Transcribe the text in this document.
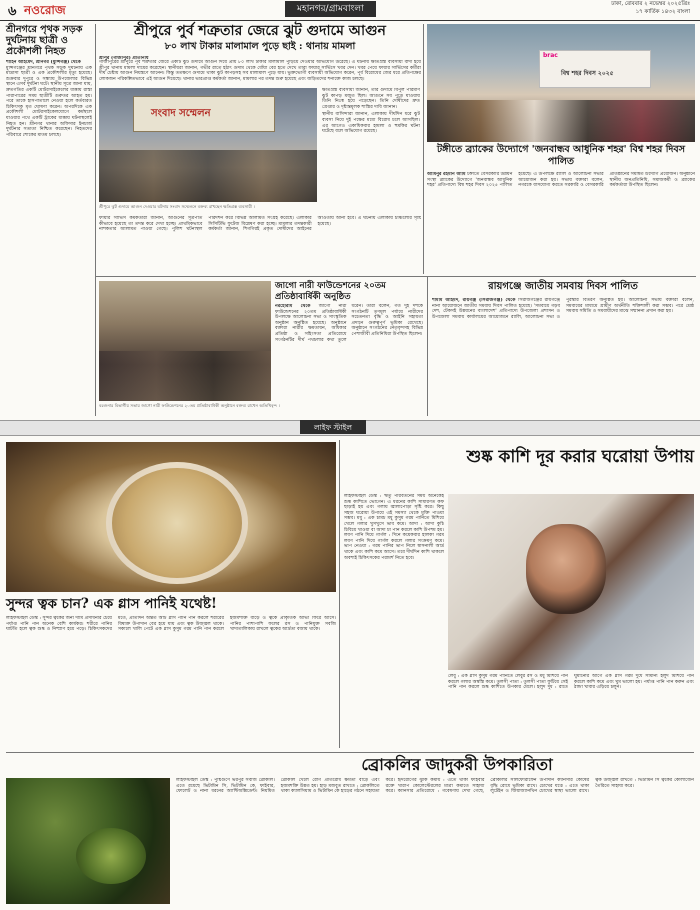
৬ নওরোজ	মহানগর/গ্রামবাংলা	ঢাকা, রোববার ২ নভেম্বর ২০২৫খ্রিঃ
১৭ কার্তিক ১৪৩২ বাংলা
শ্রীনগরে পৃথক সড়ক দুর্ঘটনায় ছাত্রী ও প্রকৌশলী নিহত
শাহিন আহমেদ, শ্রীনগর (মুন্সিগঞ্জ) থেকে
মুন্সিগঞ্জের শ্রীনগরে পৃথক সড়ক দুর্ঘটনায় এক মাদ্রাসা ছাত্রী ও এক প্রকৌশলীর মৃত্যু হয়েছে। শুক্রবার দুপুরে ও সন্ধ্যায় উপজেলার বিভিন্ন স্থানে এসব দুর্ঘটনা ঘটে। স্থানীয় সূত্রে জানা যায়, দ্রুতগতির একটি মোটরসাইকেলের ধাক্কায় রাস্তা পারাপারের সময় ছাত্রীটি গুরুতর আহত হয়। পরে তাকে হাসপাতালে নেওয়া হলে কর্তব্যরত চিকিৎসক মৃত ঘোষণা করেন। অপরদিকে এক প্রকৌশলী মোটরসাইকেলযোগে কর্মস্থলে যাওয়ার পথে একটি ট্রাকের ধাক্কায় ঘটনাস্থলেই নিহত হন। শ্রীনগর থানার অফিসার ইনচার্জ দুর্ঘটনার সত্যতা নিশ্চিত করেছেন। নিহতদের পরিবারে শোকের মাতম চলছে।
শ্রীপুরে পুর্ব শত্রুতার জেরে ঝুট গুদামে আগুন
৮০ লাখ টাকার মালামাল পুড়ে ছাই : থানায় মামলা
শ্রীপুর (গাজীপুর) প্রতিনিধি
গাজীপুরের শ্রীপুরে পূর্ব শত্রুতার জেরে একটি ঝুট গুদামে আগুন দিয়ে প্রায় ৮০ লাখ টাকার মালামাল পুড়িয়ে দেওয়ার অভিযোগ উঠেছে। এ ঘটনায় ক্ষতিগ্রস্ত ব্যবসায়ী বাদী হয়ে শ্রীপুর থানায় মামলা দায়ের করেছেন। স্থানীয়রা জানান, গভীর রাতে হঠাৎ গুদাম থেকে ধোঁয়া বের হতে দেখে তারা ফায়ার সার্ভিসে খবর দেন। খবর পেয়ে ফায়ার সার্ভিসের কর্মীরা দীর্ঘ চেষ্টায় আগুন নিয়ন্ত্রণে আনেন। কিন্তু ততক্ষণে গুদামে থাকা ঝুট কাপড়সহ সব মালামাল পুড়ে যায়। ভুক্তভোগী ব্যবসায়ী অভিযোগ করেন, পূর্ব বিরোধের জের ধরে প্রতিপক্ষের লোকজন পরিকল্পিতভাবে এই আগুন দিয়েছে। থানার ভারপ্রাপ্ত কর্মকর্তা জানান, মামলার পর তদন্ত শুরু হয়েছে এবং জড়িতদের শনাক্তে কাজ চলছে।
সংবাদ সম্মেলন

ক্ষতিগ্রস্ত ব্যবসায়ী জানান, তার গুদামে বিপুল পরিমাণ ঝুট কাপড় মজুত ছিল। আগুনে সব পুড়ে যাওয়ায় তিনি নিঃস্ব হয়ে পড়েছেন। তিনি দোষীদের দ্রুত গ্রেপ্তার ও দৃষ্টান্তমূলক শাস্তির দাবি জানান।

স্থানীয় বাসিন্দারা জানান, এলাকায় দীর্ঘদিন ধরে ঝুট ব্যবসা নিয়ে দুই পক্ষের মধ্যে বিরোধ চলে আসছিল। এর আগেও একাধিকবার হামলা ও হুমকির ঘটনা ঘটেছে বলে অভিযোগ রয়েছে।

শ্রীপুরে ঝুট গুদামে আগুন দেওয়ার ঘটনায় সংবাদ সম্মেলনে বক্তব্য রাখছেন ক্ষতিগ্রস্ত ব্যবসায়ী ।
ফায়ার সার্ভিস কর্মকর্তারা জানান, আগুনের সূত্রপাত কীভাবে হয়েছে তা তদন্ত করে দেখা হচ্ছে। প্রাথমিকভাবে নাশকতার আলামত পাওয়া গেছে। পুলিশ ঘটনাস্থল পরিদর্শন করে বিভিন্ন আলামত সংগ্রহ করেছে। এলাকার সিসিটিভি ফুটেজ বিশ্লেষণ করা হচ্ছে। মামলার তদন্তকারী কর্মকর্তা জানান, শিগগিরই প্রকৃত দোষীদের আইনের আওতায় আনা হবে। এ ঘটনায় এলাকায় চাঞ্চল্যের সৃষ্টি হয়েছে।
brac
বিশ্ব শহর দিবস ২০২৫
টঙ্গীতে ব্র্যাকের উদ্যোগে 'জনবান্ধব আধুনিক শহর' বিশ্ব শহর দিবস পালিত
আমিনুর রহমান আমি টঙ্গীতে বেসরকারি উন্নয়ন সংস্থা ব্র্যাকের উদ্যোগে 'জনবান্ধব আধুনিক শহর' প্রতিপাদ্যে বিশ্ব শহর দিবস ২০২৫ পালিত হয়েছে। এ উপলক্ষে র‌্যালি ও আলোচনা সভার আয়োজন করা হয়। সভায় বক্তারা বলেন, নগরকে বাসযোগ্য করতে সরকারি ও বেসরকারি প্রতিষ্ঠানের সমন্বিত উদ্যোগ প্রয়োজন। অনুষ্ঠানে স্থানীয় জনপ্রতিনিধি, সমাজকর্মী ও ব্র্যাকের কর্মকর্তারা উপস্থিত ছিলেন।
বরগুনার বিভাগীয় সভায় জাগো নারী ফাউন্ডেশনের ২০তম প্রতিষ্ঠাবার্ষিকী অনুষ্ঠানে বক্তব্য রাখেন অতিথিবৃন্দ ।
জাগো নারী ফাউন্ডেশনের ২০তম প্রতিষ্ঠাবার্ষিকী অনুষ্ঠিত
নরহোরাম থেকে জাগো নারী ফাউন্ডেশনের ২০তম প্রতিষ্ঠাবার্ষিকী উপলক্ষে আলোচনা সভা ও সাংস্কৃতিক অনুষ্ঠান অনুষ্ঠিত হয়েছে। অনুষ্ঠানে বক্তারা নারীর ক্ষমতায়ন, অধিকার প্রতিষ্ঠা ও সহিংসতা প্রতিরোধে সংগঠনটির দীর্ঘ পথচলার কথা তুলে ধরেন। তারা বলেন, গত দুই দশকে সংগঠনটি তৃণমূল পর্যায়ে নারীদের সচেতনতা বৃদ্ধি ও আইনি সহায়তা প্রদানে গুরুত্বপূর্ণ ভূমিকা রেখেছে। অনুষ্ঠানে সংগঠনের নেতৃবৃন্দসহ বিভিন্ন পেশাজীবী প্রতিনিধিরা উপস্থিত ছিলেন।
রায়গঞ্জে জাতীয় সমবায় দিবস পালিত
শামীম আহমদ, রায়গঞ্জ (সিরাজগঞ্জ) থেকে সিরাজগঞ্জের রায়গঞ্জে নানা আয়োজনে জাতীয় সমবায় দিবস পালিত হয়েছে। 'সমবায়ে গড়ব দেশ, টেকসই উন্নয়নের বাংলাদেশ' প্রতিপাদ্যে উপজেলা প্রশাসন ও উপজেলা সমবায় কার্যালয়ের আয়োজনে র‌্যালি, আলোচনা সভা ও পুরস্কার বিতরণ অনুষ্ঠিত হয়। আলোচনা সভায় বক্তারা বলেন, সমবায়ের মাধ্যমে গ্রামীণ অর্থনীতি শক্তিশালী করা সম্ভব। পরে শ্রেষ্ঠ সমবায় সমিতি ও সমবায়ীদের মাঝে সম্মাননা প্রদান করা হয়।
লাইফ স্টাইল
সুন্দর ত্বক চান? এক গ্লাস পানিই যথেষ্ট!
লাইফস্টাইল ডেস্ক : সুন্দর ত্বকের জন্য দামি প্রসাধনীর চেয়ে পর্যাপ্ত পানি পান অনেক বেশি কার্যকর। শরীরে পানির ঘাটতি হলে ত্বক শুষ্ক ও নিষ্প্রাণ হয়ে পড়ে। চিকিৎসকদের মতে, প্রতিদিন অন্তত আট গ্লাস পানি পান করলে শরীরের বিষাক্ত উপাদান বের হয়ে যায় এবং ত্বক উজ্জ্বল থাকে। সকালে খালি পেটে এক গ্লাস কুসুম গরম পানি পান করলে হজমশক্তি বাড়ে ও ত্বকে প্রাকৃতিক আভা ফিরে আসে। পানির পাশাপাশি ফলের রস ও পানিযুক্ত সবজি খাদ্যতালিকায় রাখলে ত্বকের আর্দ্রতা বজায় থাকে।
শুষ্ক কাশি দূর করার ঘরোয়া উপায়
লাইফস্টাইল ডেস্ক : ঋতু পরিবর্তনের সময় অনেকেই শুষ্ক কাশিতে ভোগেন। এ ধরনের কাশি সাধারণত কফ ছাড়াই হয় এবং গলায় জ্বালাপোড়া সৃষ্টি করে। কিছু সহজ ঘরোয়া উপায়ে এই সমস্যা থেকে মুক্তি পাওয়া সম্ভব। মধু : এক চামচ মধু কুসুম গরম পানিতে মিশিয়ে খেলে গলার খুসখুসে ভাব কমে। আদা : আদা কুচি চিবিয়ে খাওয়া বা আদা চা পান করলে কাশি উপশম হয়। লবণ পানি দিয়ে গার্গল : দিনে কয়েকবার হালকা গরম লবণ পানি দিয়ে গার্গল করলে গলার সংক্রমণ কমে। ভাপ নেওয়া : গরম পানির ভাপ নিলে শ্বাসনালী আর্দ্র থাকে এবং কাশি কমে আসে। তবে দীর্ঘদিন কাশি থাকলে অবশ্যই চিকিৎসকের পরামর্শ নিতে হবে।
লেবু : এক গ্লাস কুসুম গরম পানিতে লেবুর রস ও মধু মিশিয়ে পান করলে গলার অস্বস্তি কমে। তুলসী পাতা : তুলসী পাতা ফুটিয়ে সেই পানি পান করলে শুষ্ক কাশিতে উপকার মেলে। হলুদ দুধ : রাতে ঘুমানোর আগে এক গ্লাস গরম দুধে সামান্য হলুদ মিশিয়ে পান করলে কাশি কমে এবং ঘুম ভালো হয়। পর্যাপ্ত পানি পান করুন এবং ঠান্ডা খাবার এড়িয়ে চলুন।
ব্রোকলির জাদুকরী উপকারিতা
লাইফস্টাইল ডেস্ক : পুষ্টিগুণে ভরপুর সবজি ব্রোকলি। এতে রয়েছে ভিটামিন সি, ভিটামিন কে, ফাইবার, ফোলেট ও নানা ধরনের অ্যান্টিঅক্সিডেন্ট। নিয়মিত ব্রোকলি খেলে রোগ প্রতিরোধ ক্ষমতা বাড়ে এবং হজমশক্তি উন্নত হয়। হাড় মজবুত রাখতে : ব্রোকলিতে থাকা ক্যালসিয়াম ও ভিটামিন কে হাড়ের গঠনে সহায়তা করে। হৃদরোগের ঝুঁকি কমায় : এতে থাকা ফাইবার রক্তে খারাপ কোলেস্টেরলের মাত্রা কমাতে সাহায্য করে। ক্যানসার প্রতিরোধে : গবেষণায় দেখা গেছে, ব্রোকলির সালফোরাফেন উপাদান ক্যানসার কোষের বৃদ্ধি রোধে ভূমিকা রাখে। চোখের যত্নে : এতে থাকা লুটেইন ও জিয়াজ্যানথিন চোখের স্বাস্থ্য ভালো রাখে। ত্বক উজ্জ্বল রাখতে : ভিটামিন সি ত্বকের কোলাজেন তৈরিতে সাহায্য করে।
